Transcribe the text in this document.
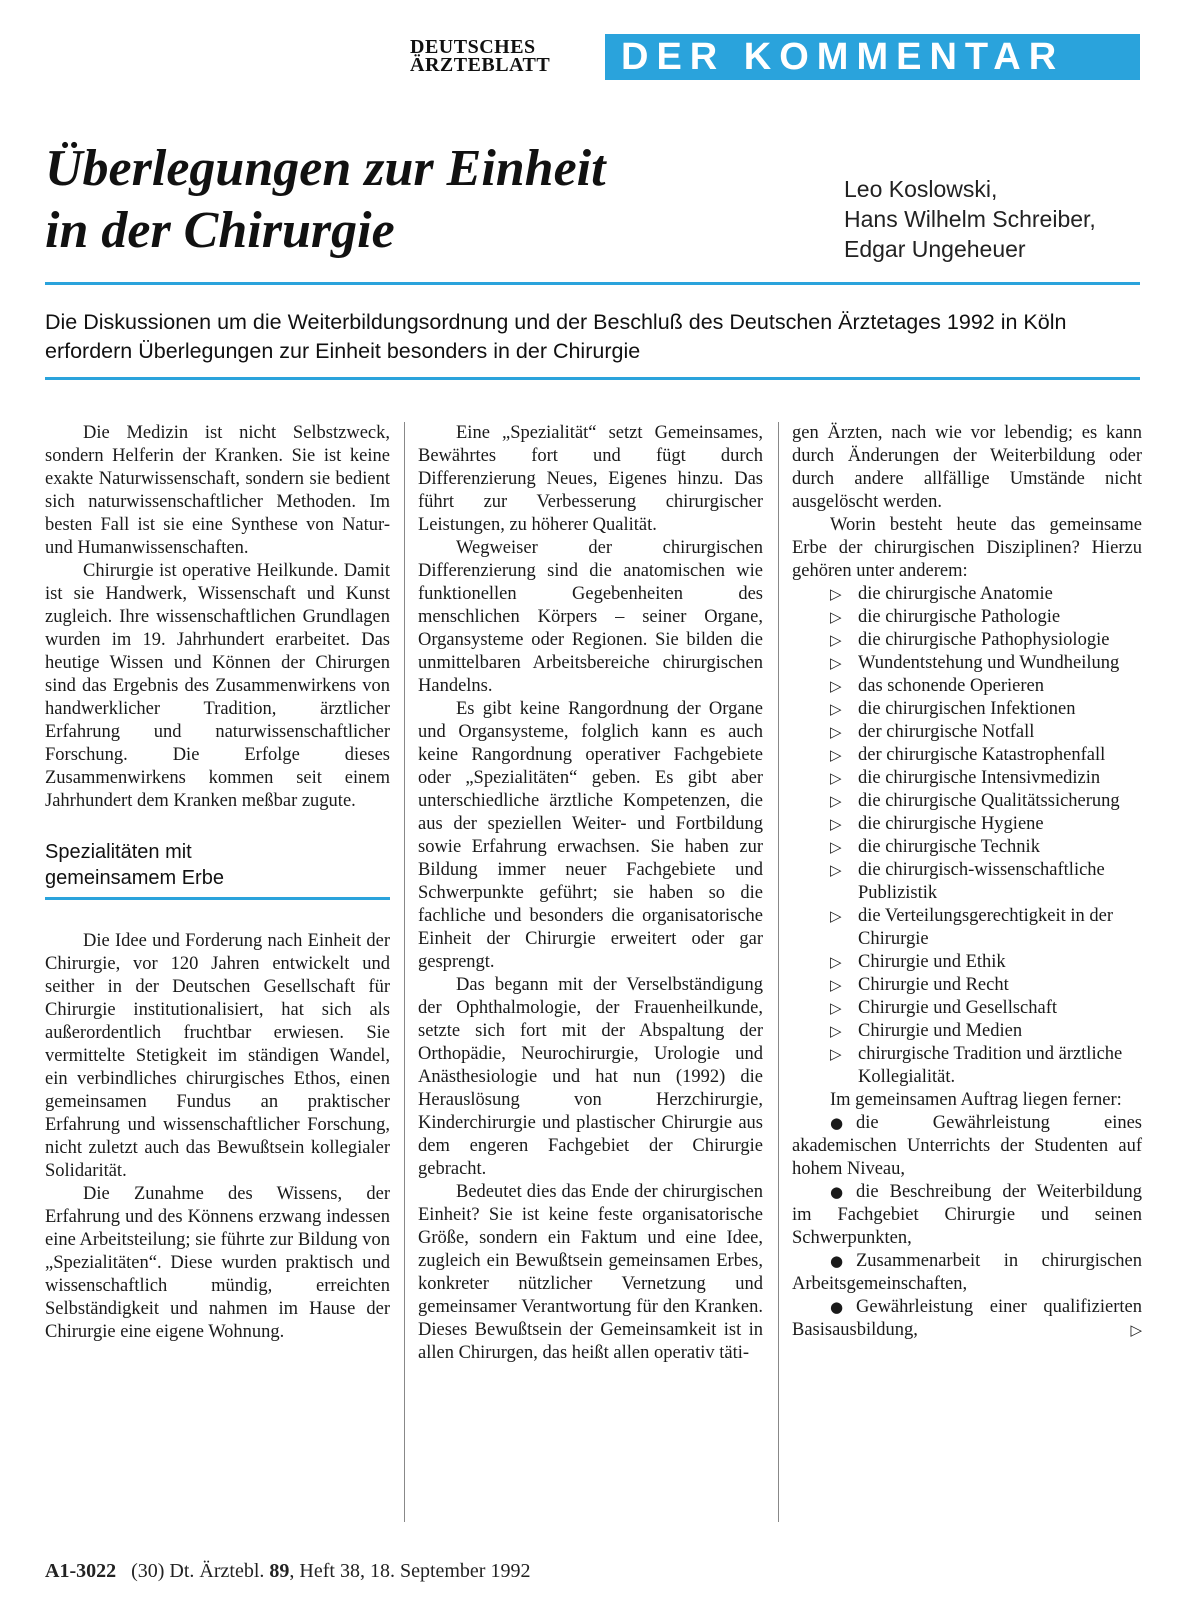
DEUTSCHES
ÄRZTEBLATT	DER KOMMENTAR
Überlegungen zur Einheit
in der Chirurgie
Leo Koslowski,
Hans Wilhelm Schreiber,
Edgar Ungeheuer
Die Diskussionen um die Weiterbildungsordnung und der Beschluß des Deutschen Ärztetages 1992 in Köln erfordern Überlegungen zur Einheit besonders in der Chirurgie

Die Medizin ist nicht Selbstzweck, sondern Helferin der Kranken. Sie ist keine exakte Naturwissenschaft, sondern sie bedient sich naturwissenschaftlicher Methoden. Im besten Fall ist sie eine Synthese von Natur- und Humanwissenschaften.

Chirurgie ist operative Heilkunde. Damit ist sie Handwerk, Wissenschaft und Kunst zugleich. Ihre wissenschaftlichen Grundlagen wurden im 19. Jahrhundert erarbeitet. Das heutige Wissen und Können der Chirurgen sind das Ergebnis des Zusammenwirkens von handwerklicher Tradition, ärztlicher Erfahrung und naturwissenschaftlicher Forschung. Die Erfolge dieses Zusammenwirkens kommen seit einem Jahrhundert dem Kranken meßbar zugute.

Spezialitäten mit
gemeinsamem Erbe

Die Idee und Forderung nach Einheit der Chirurgie, vor 120 Jahren entwickelt und seither in der Deutschen Gesellschaft für Chirurgie institutionalisiert, hat sich als außerordentlich fruchtbar erwiesen. Sie vermittelte Stetigkeit im ständigen Wandel, ein verbindliches chirurgisches Ethos, einen gemeinsamen Fundus an praktischer Erfahrung und wissenschaftlicher Forschung, nicht zuletzt auch das Bewußtsein kollegialer Solidarität.

Die Zunahme des Wissens, der Erfahrung und des Könnens erzwang indessen eine Arbeitsteilung; sie führte zur Bildung von „Spezialitäten“. Diese wurden praktisch und wissenschaftlich mündig, erreichten Selbständigkeit und nahmen im Hause der Chirurgie eine eigene Wohnung.

Eine „Spezialität“ setzt Gemeinsames, Bewährtes fort und fügt durch Differenzierung Neues, Eigenes hinzu. Das führt zur Verbesserung chirurgischer Leistungen, zu höherer Qualität.

Wegweiser der chirurgischen Differenzierung sind die anatomischen wie funktionellen Gegebenheiten des menschlichen Körpers – seiner Organe, Organsysteme oder Regionen. Sie bilden die unmittelbaren Arbeitsbereiche chirurgischen Handelns.

Es gibt keine Rangordnung der Organe und Organsysteme, folglich kann es auch keine Rangordnung operativer Fachgebiete oder „Spezialitäten“ geben. Es gibt aber unterschiedliche ärztliche Kompetenzen, die aus der speziellen Weiter- und Fortbildung sowie Erfahrung erwachsen. Sie haben zur Bildung immer neuer Fachgebiete und Schwerpunkte geführt; sie haben so die fachliche und besonders die organisatorische Einheit der Chirurgie erweitert oder gar gesprengt.

Das begann mit der Verselbständigung der Ophthalmologie, der Frauenheilkunde, setzte sich fort mit der Abspaltung der Orthopädie, Neurochirurgie, Urologie und Anästhesiologie und hat nun (1992) die Herauslösung von Herzchirurgie, Kinderchirurgie und plastischer Chirurgie aus dem engeren Fachgebiet der Chirurgie gebracht.

Bedeutet dies das Ende der chirurgischen Einheit? Sie ist keine feste organisatorische Größe, sondern ein Faktum und eine Idee, zugleich ein Bewußtsein gemeinsamen Erbes, konkreter nützlicher Vernetzung und gemeinsamer Verantwortung für den Kranken. Dieses Bewußtsein der Gemeinsamkeit ist in allen Chirurgen, das heißt allen operativ täti-

gen Ärzten, nach wie vor lebendig; es kann durch Änderungen der Weiterbildung oder durch andere allfällige Umstände nicht ausgelöscht werden.

Worin besteht heute das gemeinsame Erbe der chirurgischen Disziplinen? Hierzu gehören unter anderem:

▷ die chirurgische Anatomie
▷ die chirurgische Pathologie
▷ die chirurgische Pathophysiologie
▷ Wundentstehung und Wundheilung
▷ das schonende Operieren
▷ die chirurgischen Infektionen
▷ der chirurgische Notfall
▷ der chirurgische Katastrophenfall
▷ die chirurgische Intensivmedizin
▷ die chirurgische Qualitätssicherung
▷ die chirurgische Hygiene
▷ die chirurgische Technik
▷ die chirurgisch-wissenschaftliche Publizistik
▷ die Verteilungsgerechtigkeit in der Chirurgie
▷ Chirurgie und Ethik
▷ Chirurgie und Recht
▷ Chirurgie und Gesellschaft
▷ Chirurgie und Medien
▷ chirurgische Tradition und ärztliche Kollegialität.

Im gemeinsamen Auftrag liegen ferner:

● die Gewährleistung eines akademischen Unterrichts der Studenten auf hohem Niveau,

● die Beschreibung der Weiterbildung im Fachgebiet Chirurgie und seinen Schwerpunkten,

● Zusammenarbeit in chirurgischen Arbeitsgemeinschaften,

● Gewährleistung einer qualifizierten Basisausbildung,	▷

A1-3022 (30) Dt. Ärztebl. 89, Heft 38, 18. September 1992
